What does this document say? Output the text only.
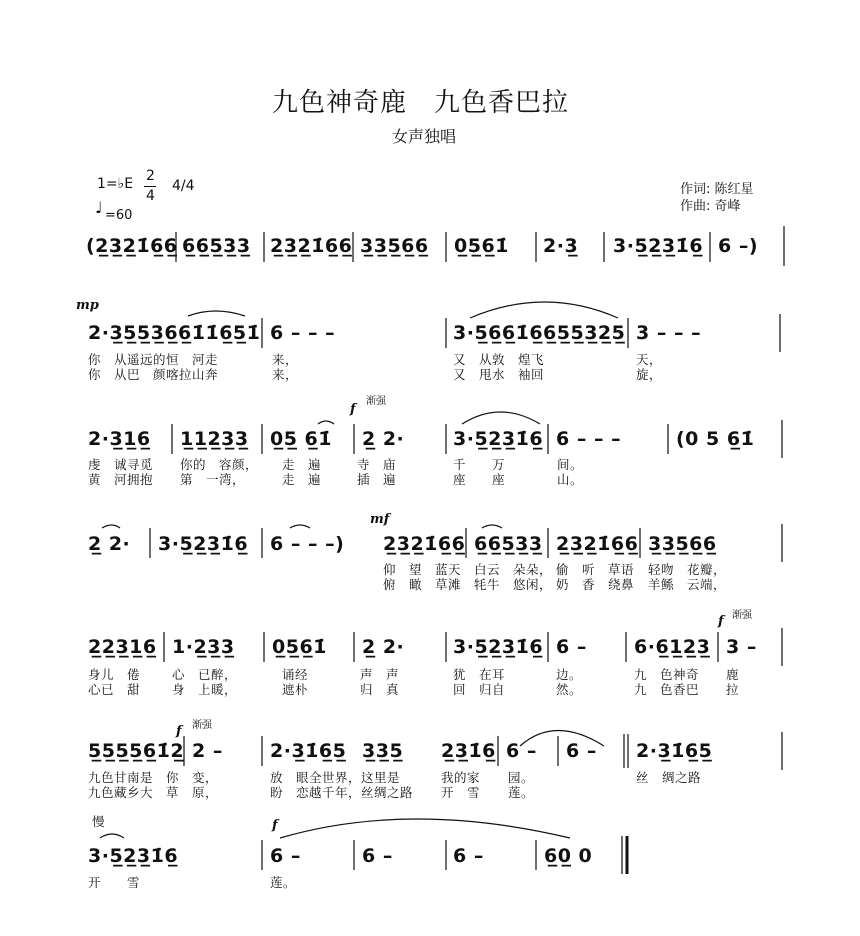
九色神奇鹿　九色香巴拉
女声独唱
1=♭E 2
4
4/4
♩ =60
作词: 陈红星
作曲: 奇峰
(2̲3̲2̲1̇6̲6̲ 6̲6̲5̲3̲3̲ 2̲3̲2̲1̇6̲6̲ 3̲3̲5̲6̲6̲ 0̲5̲6̲1̇ 2·3̲ 3·5̲2̲3̲1̇6̲ 6 –)
mp
2·3̲5̲5̲3̲6̲6̲1̇1̇6̲5̲1̇ 6 – – –	3·5̲6̲6̲1̇6̲6̲5̲5̲3̲2̲5̲ 3 – – –
你　从遥远的恒　河走	来，	又　从敦　煌飞	天，
你　从巴　颜喀拉山奔	来，	又　甩水　袖回	旋，
f
渐强
2·3̲1̲6̲ 1̲1̲2̲3̲3̲ 0̲5̲ 6̲1̇ 2̲ 2·	3·5̲2̲3̲1̇6̲ 6 – – –	(0 5 6̲1̇
虔　诚寻觅 你的　容颜， 走　遍	寺　庙	千　　万	间。
黄　河拥抱 第　一湾，	走　遍	插　遍	座　　座	山。
mf
2̲ 2· 3·5̲2̲3̲1̇6̲ 6 – – –) 2̲3̲2̲1̇6̲6̲ 6̲6̲5̲3̲3̲ 2̲3̲2̲1̇6̲6̲ 3̲3̲5̲6̲6̲
仰　望　蓝天 白云　朵朵， 偷　听　草语 轻吻　花瓣，
俯　瞰　草滩 牦牛　悠闲， 奶　香　绕鼻 羊鲧　云端，
f 渐强
2̲2̲3̲1̲6̲ 1·2̲3̲3̲ 0̲5̲6̲1̇ 2̲ 2·	3·5̲2̲3̲1̇6̲ 6 – 6·6̲1̲2̲3̲ 3 –
身儿　倦	心　已醉，	诵经	声　声	犹　在耳	边。	九　色神奇 鹿
心已　甜	身　上暖，	遮朴	归　真	回　归自	然。	九　色香巴 拉
f 渐强
5̲5̲5̲5̲6̲1̇2̲ 2 – 2·3̲1̇6̲5̲ 3̲3̲5̲ 2̲3̲1̇6̲ 6 – 6 – 2·3̲1̇6̲5̲
九色甘南是　你 变，	放　眼全世界，这里是	我的家 园。	丝　绸之路
九色藏乡大　草 原，	盼　恋越千年，丝绸之路 开　雪 莲。
慢	f
3·5̲2̲3̲1̇6̲	6 –	6 –	6 –	6̲0̲ 0
开　　雪	莲。
